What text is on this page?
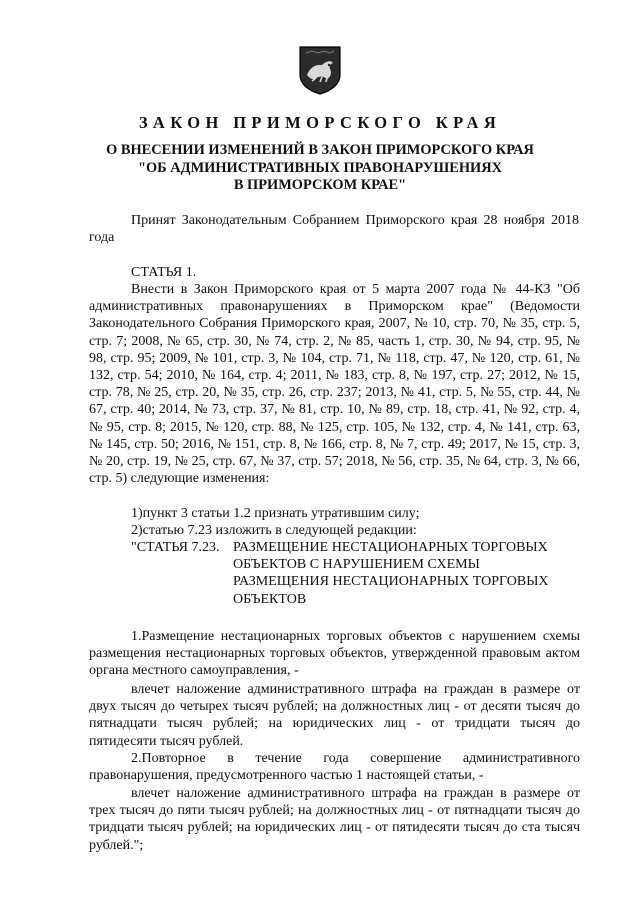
ЗАКОН ПРИМОРСКОГО КРАЯ
О ВНЕСЕНИИ ИЗМЕНЕНИЙ В ЗАКОН ПРИМОРСКОГО КРАЯ
"ОБ АДМИНИСТРАТИВНЫХ ПРАВОНАРУШЕНИЯХ
В ПРИМОРСКОМ КРАЕ"
Принят Законодательным Собранием Приморского края 28 ноября 2018 года
СТАТЬЯ 1.
Внести в Закон Приморского края от 5 марта 2007 года № 44-КЗ "Об административных правонарушениях в Приморском крае" (Ведомости Законодательного Собрания Приморского края, 2007, № 10, стр. 70, № 35, стр. 5, стр. 7; 2008, № 65, стр. 30, № 74, стр. 2, № 85, часть 1, стр. 30, № 94, стр. 95, № 98, стр. 95; 2009, № 101, стр. 3, № 104, стр. 71, № 118, стр. 47, № 120, стр. 61, № 132, стр. 54; 2010, № 164, стр. 4; 2011, № 183, стр. 8, № 197, стр. 27; 2012, № 15, стр. 78, № 25, стр. 20, № 35, стр. 26, стр. 237; 2013, № 41, стр. 5, № 55, стр. 44, № 67, стр. 40; 2014, № 73, стр. 37, № 81, стр. 10, № 89, стр. 18, стр. 41, № 92, стр. 4, № 95, стр. 8; 2015, № 120, стр. 88, № 125, стр. 105, № 132, стр. 4, № 141, стр. 63, № 145, стр. 50; 2016, № 151, стр. 8, № 166, стр. 8, № 7, стр. 49; 2017, № 15, стр. 3, № 20, стр. 19, № 25, стр. 67, № 37, стр. 57; 2018, № 56, стр. 35, № 64, стр. 3, № 66, стр. 5) следующие изменения:
1)пункт 3 статьи 1.2 признать утратившим силу;
2)статью 7.23 изложить в следующей редакции:
"СТАТЬЯ 7.23. РАЗМЕЩЕНИЕ НЕСТАЦИОНАРНЫХ ТОРГОВЫХ
ОБЪЕКТОВ С НАРУШЕНИЕМ СХЕМЫ
РАЗМЕЩЕНИЯ НЕСТАЦИОНАРНЫХ ТОРГОВЫХ
ОБЪЕКТОВ
1.Размещение нестационарных торговых объектов с нарушением схемы размещения нестационарных торговых объектов, утвержденной правовым актом органа местного самоуправления, -
влечет наложение административного штрафа на граждан в размере от двух тысяч до четырех тысяч рублей; на должностных лиц - от десяти тысяч до пятнадцати тысяч рублей; на юридических лиц - от тридцати тысяч до пятидесяти тысяч рублей.
2.Повторное в течение года совершение административного правонарушения, предусмотренного частью 1 настоящей статьи, -
влечет наложение административного штрафа на граждан в размере от трех тысяч до пяти тысяч рублей; на должностных лиц - от пятнадцати тысяч до тридцати тысяч рублей; на юридических лиц - от пятидесяти тысяч до ста тысяч рублей.";
